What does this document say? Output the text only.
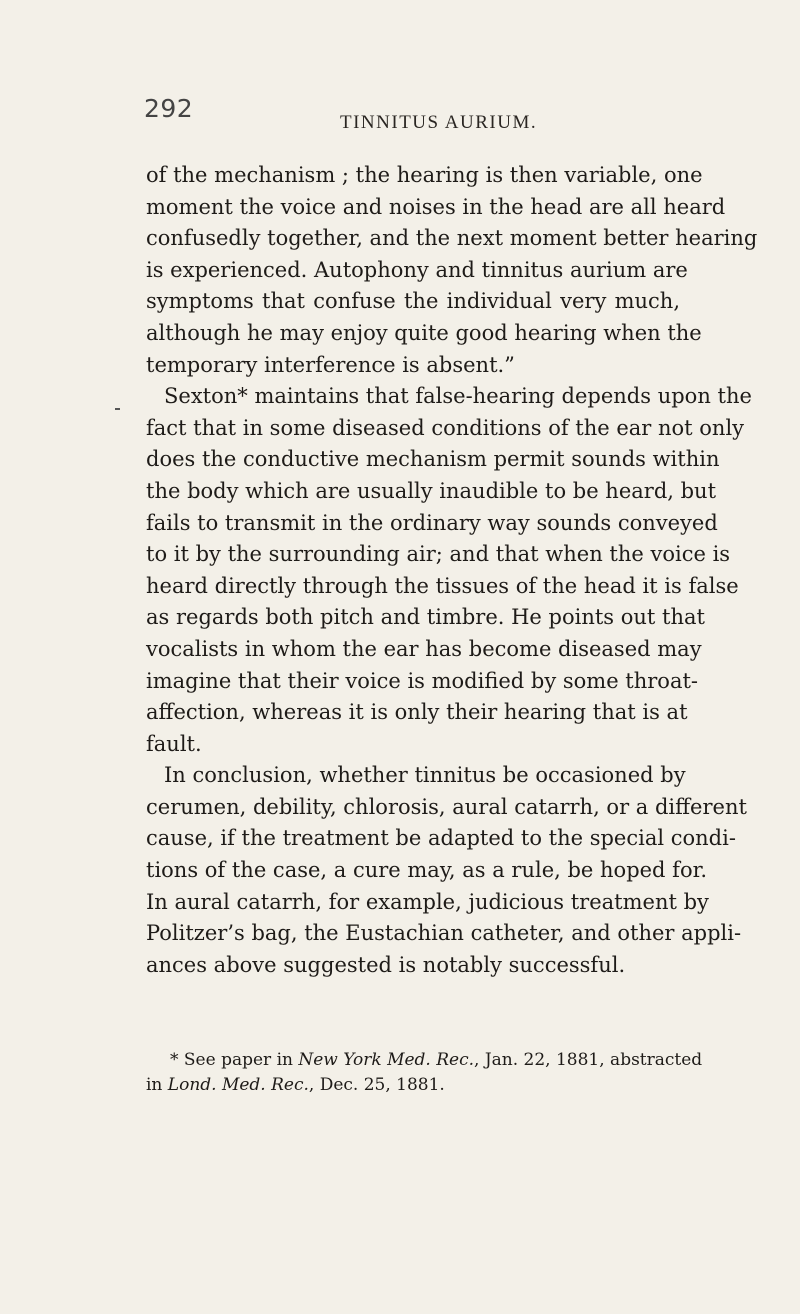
292	TINNITUS AURIUM.
of the mechanism ; the hearing is then variable, one
moment the voice and noises in the head are all heard
confusedly together, and the next moment better hearing
is experienced. Autophony and tinnitus aurium are
symptoms that confuse the individual very much,
although he may enjoy quite good hearing when the
temporary interference is absent.”
Sexton* maintains that false-hearing depends upon the
fact that in some diseased conditions of the ear not only
does the conductive mechanism permit sounds within
the body which are usually inaudible to be heard, but
fails to transmit in the ordinary way sounds conveyed
to it by the surrounding air; and that when the voice is
heard directly through the tissues of the head it is false
as regards both pitch and timbre. He points out that
vocalists in whom the ear has become diseased may
imagine that their voice is modified by some throat-
affection, whereas it is only their hearing that is at
fault.
In conclusion, whether tinnitus be occasioned by
cerumen, debility, chlorosis, aural catarrh, or a different
cause, if the treatment be adapted to the special condi-
tions of the case, a cure may, as a rule, be hoped for.
In aural catarrh, for example, judicious treatment by
Politzer’s bag, the Eustachian catheter, and other appli-
ances above suggested is notably successful.
* See paper in New York Med. Rec., Jan. 22, 1881, abstracted
in Lond. Med. Rec., Dec. 25, 1881.
